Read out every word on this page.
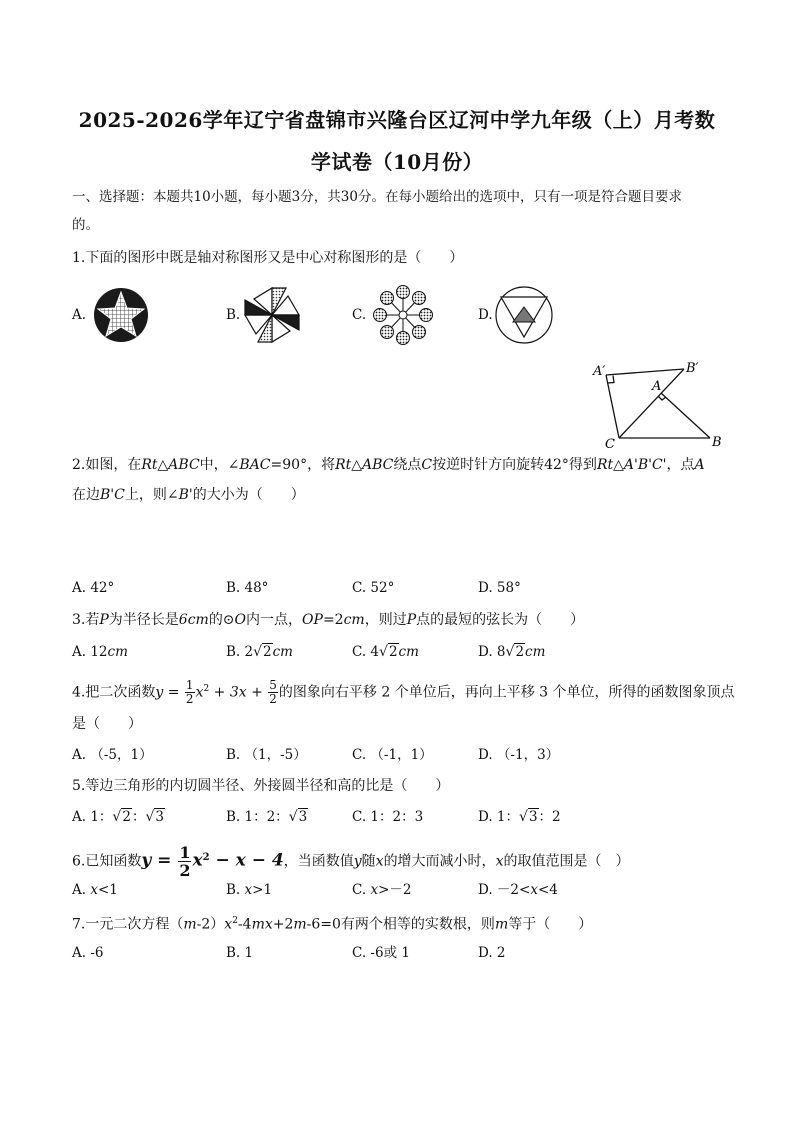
2025-2026学年辽宁省盘锦市兴隆台区辽河中学九年级（上）月考数
学试卷（10月份）
一、选择题：本题共10小题，每小题3分，共30分。在每小题给出的选项中，只有一项是符合题目要求
的。
1.下面的图形中既是轴对称图形又是中心对称图形的是（　　）
A.	B.	C.	D.
A′	B′
A
C	B
2.如图，在Rt△ABC中，∠BAC=90°，将Rt△ABC绕点C按逆时针方向旋转42°得到Rt△A'B'C'，点A
在边B'C上，则∠B'的大小为（　　）
A. 42°	B. 48°	C. 52°	D. 58°
3.若P为半径长是6cm的⊙O内一点，OP=2cm，则过P点的最短的弦长为（　　）
A. 12cm	B. 2√2cm	C. 4√2cm	D. 8√2cm
4.把二次函数$y = \frac{1}{2} x^2 + 3x + \frac{5}{2}$ 的图象向右平移 2 个单位后，再向上平移 3 个单位，所得的函数图象顶点
是（　　）
A. （-5，1）	B. （1，-5）	C. （-1，1）	D. （-1，3）
5.等边三角形的内切圆半径、外接圆半径和高的比是（　　）
A. 1：√2：√3	B. 1：2：√3	C. 1：2：3	D. 1：√3：2
6.已知函数$y = \frac{1}{2} x^2 - x - 4$，当函数值y随x的增大而减小时，x的取值范围是（　）
A. x<1	B. x>1	C. x>－2	D. －2<x<4
7.一元二次方程$(m-2)x^2-4mx+2m-6=0$有两个相等的实数根，则m等于（　　）
A. -6	B. 1	C. -6或 1	D. 2
